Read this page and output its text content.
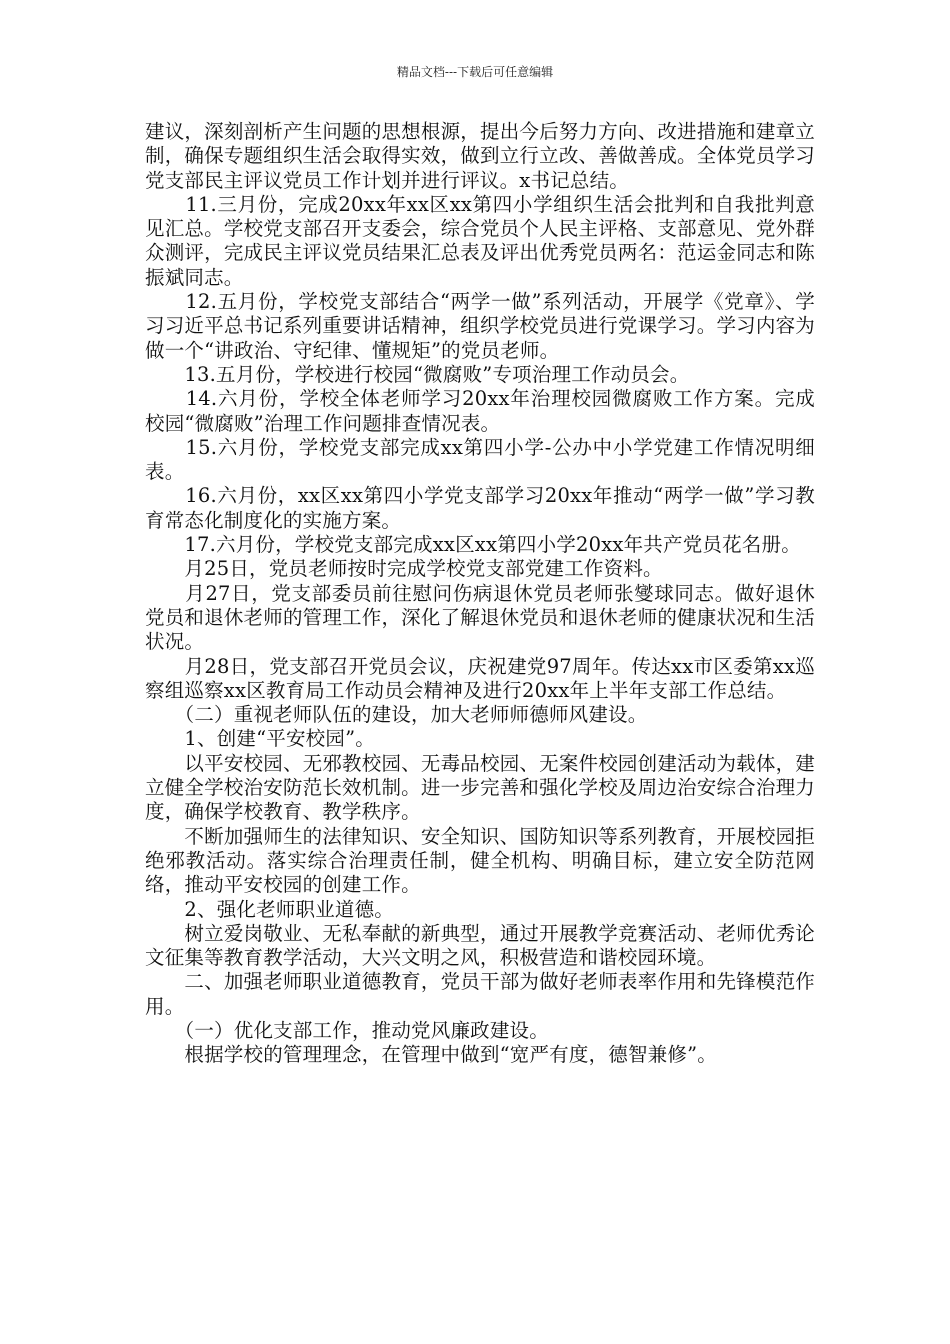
精品文档---下载后可任意编辑

建议，深刻剖析产生问题的思想根源，提出今后努力方向、改进措施和建章立制，确保专题组织生活会取得实效，做到立行立改、善做善成。全体党员学习党支部民主评议党员工作计划并进行评议。x书记总结。

　　11.三月份，完成20xx年xx区xx第四小学组织生活会批判和自我批判意见汇总。学校党支部召开支委会，综合党员个人民主评格、支部意见、党外群众测评，完成民主评议党员结果汇总表及评出优秀党员两名：范运金同志和陈振斌同志。

　　12.五月份，学校党支部结合“两学一做”系列活动，开展学《党章》、学习习近平总书记系列重要讲话精神，组织学校党员进行党课学习。学习内容为做一个“讲政治、守纪律、懂规矩”的党员老师。

　　13.五月份，学校进行校园“微腐败”专项治理工作动员会。

　　14.六月份，学校全体老师学习20xx年治理校园微腐败工作方案。完成校园“微腐败”治理工作问题排查情况表。

　　15.六月份，学校党支部完成xx第四小学-公办中小学党建工作情况明细表。

　　16.六月份，xx区xx第四小学党支部学习20xx年推动“两学一做”学习教育常态化制度化的实施方案。

　　17.六月份，学校党支部完成xx区xx第四小学20xx年共产党员花名册。

　　月25日，党员老师按时完成学校党支部党建工作资料。

　　月27日，党支部委员前往慰问伤病退休党员老师张燮球同志。做好退休党员和退休老师的管理工作，深化了解退休党员和退休老师的健康状况和生活状况。

　　月28日，党支部召开党员会议，庆祝建党97周年。传达xx市区委第xx巡察组巡察xx区教育局工作动员会精神及进行20xx年上半年支部工作总结。

　　（二）重视老师队伍的建设，加大老师师德师风建设。

　　1、创建“平安校园”。

　　以平安校园、无邪教校园、无毒品校园、无案件校园创建活动为载体，建立健全学校治安防范长效机制。进一步完善和强化学校及周边治安综合治理力度，确保学校教育、教学秩序。

　　不断加强师生的法律知识、安全知识、国防知识等系列教育，开展校园拒绝邪教活动。落实综合治理责任制，健全机构、明确目标，建立安全防范网络，推动平安校园的创建工作。

　　2、强化老师职业道德。

　　树立爱岗敬业、无私奉献的新典型，通过开展教学竞赛活动、老师优秀论文征集等教育教学活动，大兴文明之风，积极营造和谐校园环境。

　　二、加强老师职业道德教育，党员干部为做好老师表率作用和先锋模范作用。

　　（一）优化支部工作，推动党风廉政建设。

　　根据学校的管理理念，在管理中做到“宽严有度，德智兼修”。
